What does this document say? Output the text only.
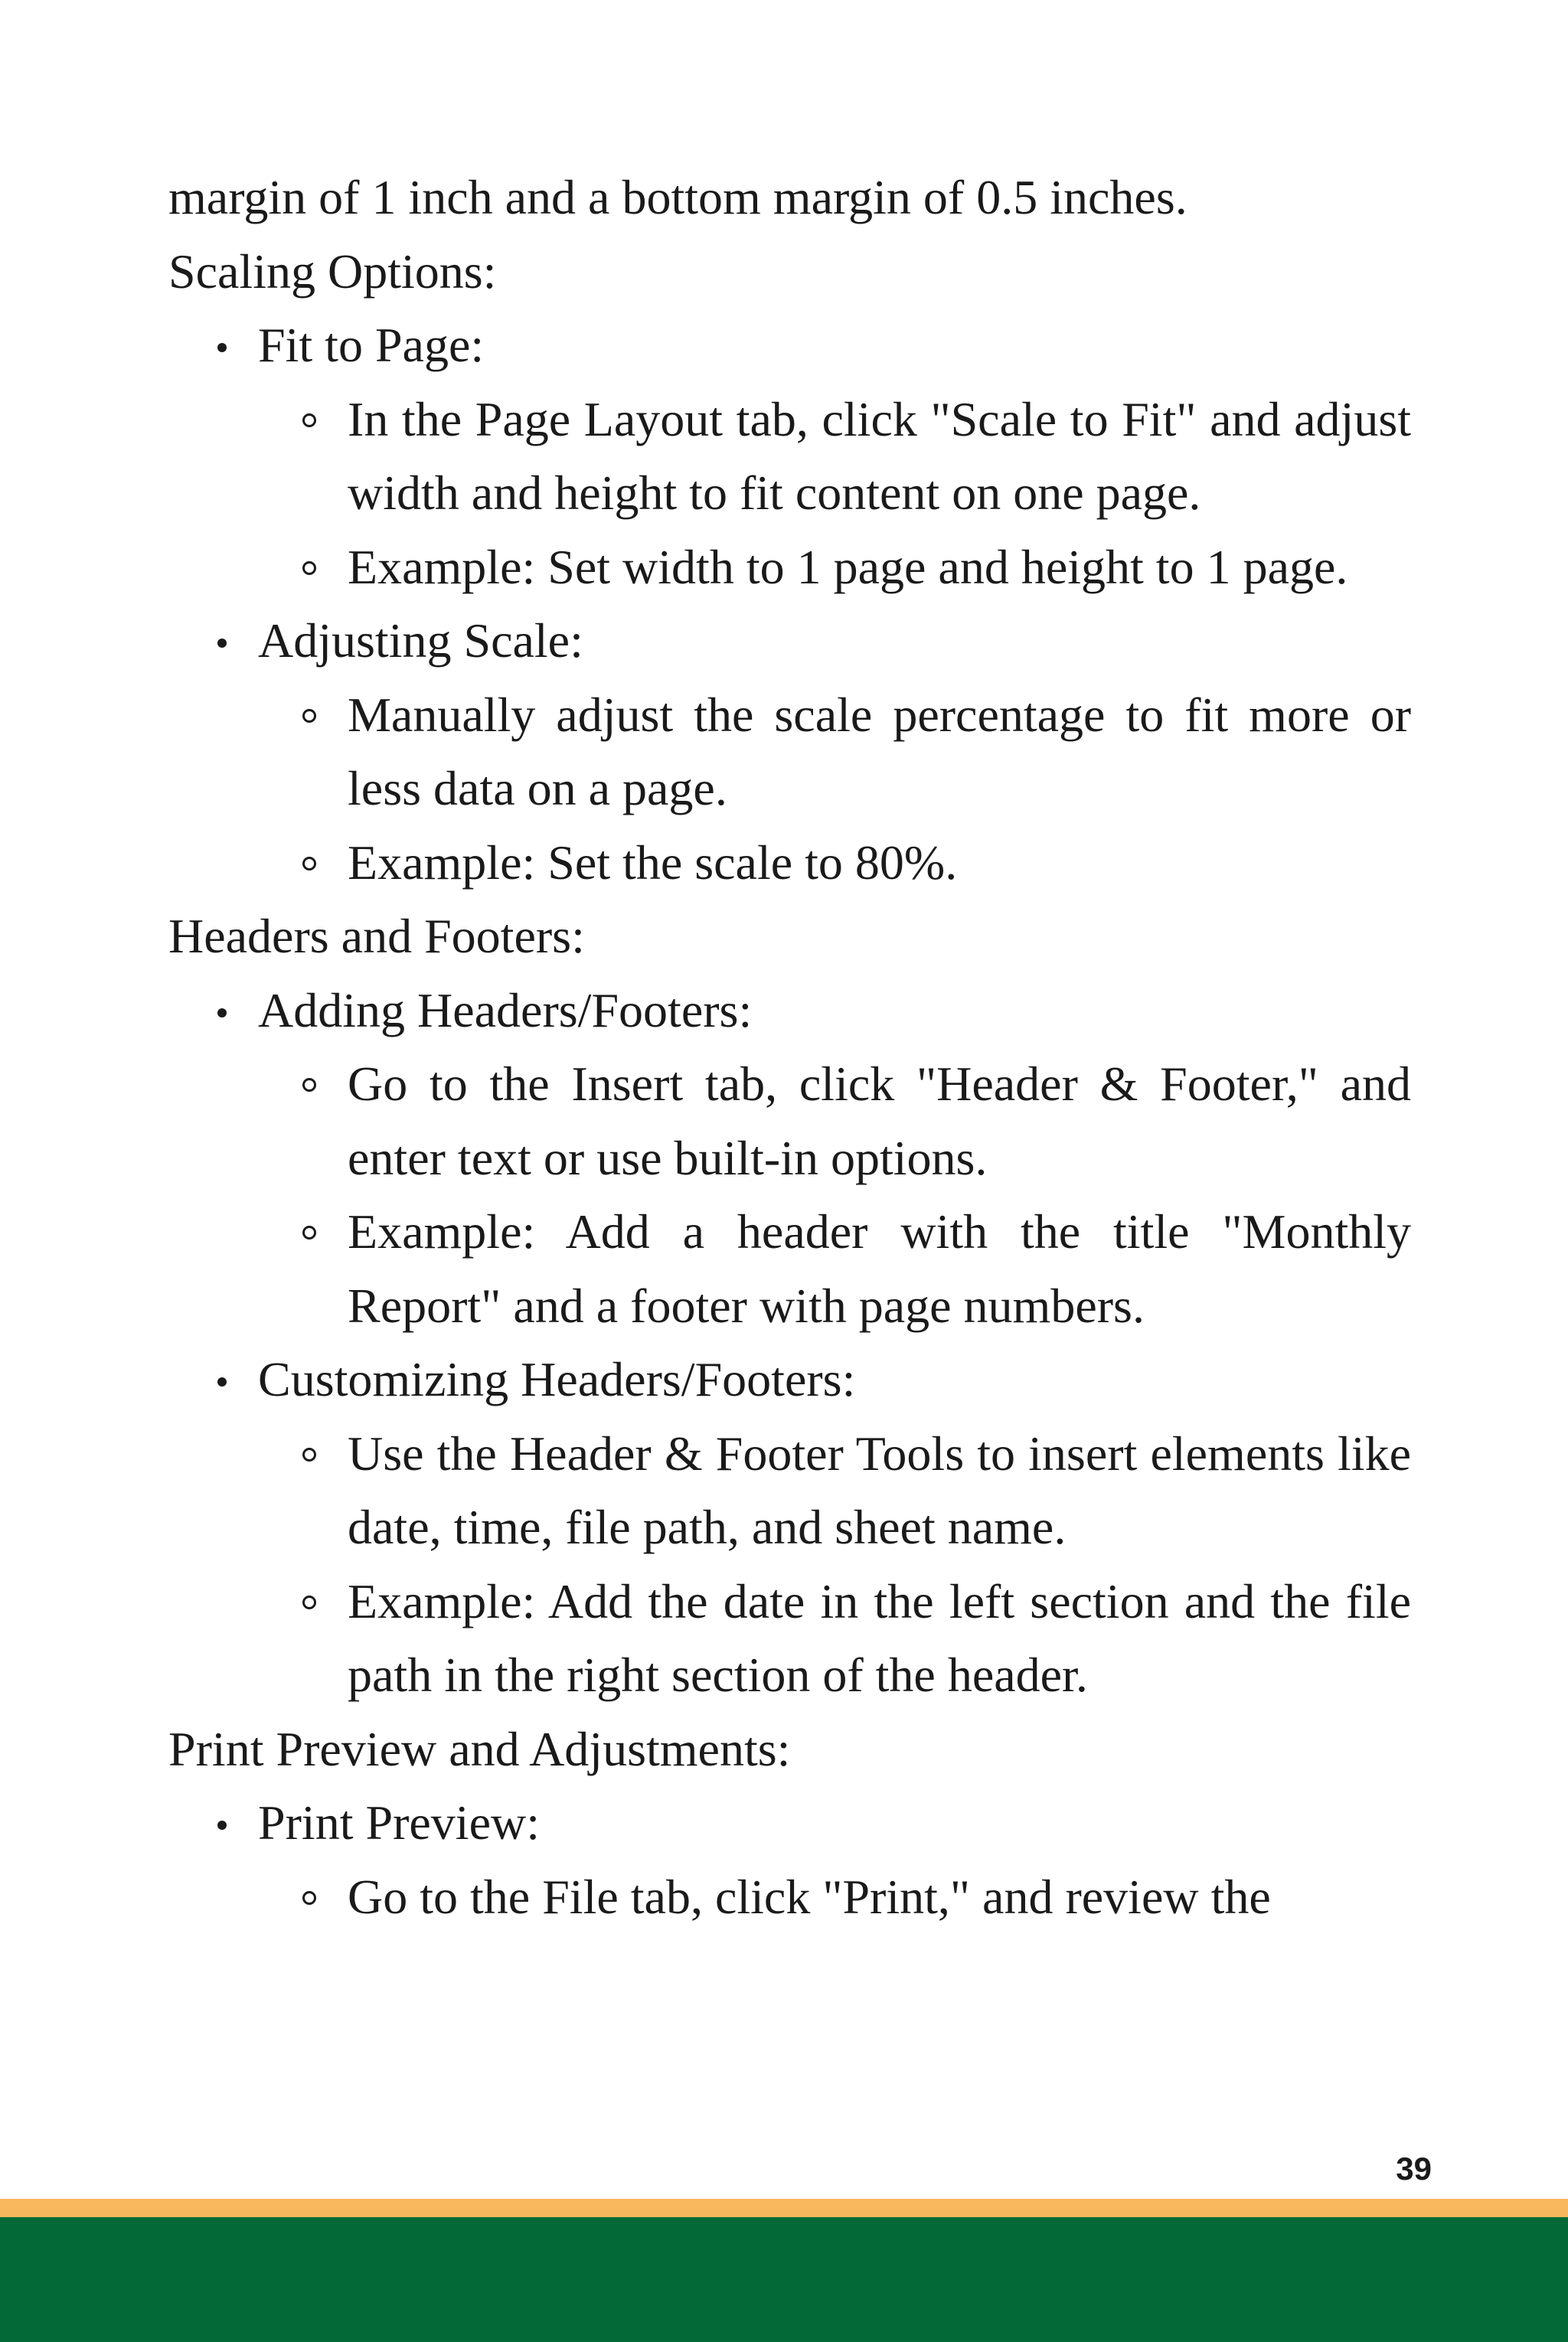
margin of 1 inch and a bottom margin of 0.5 inches.

Scaling Options:

Fit to Page:
In the Page Layout tab, click "Scale to Fit" and adjust width and height to fit content on one page.
Example: Set width to 1 page and height to 1 page.
Adjusting Scale:
Manually adjust the scale percentage to fit more or less data on a page.
Example: Set the scale to 80%.

Headers and Footers:

Adding Headers/Footers:
Go to the Insert tab, click "Header & Footer," and enter text or use built-in options.
Example: Add a header with the title "Monthly Report" and a footer with page numbers.
Customizing Headers/Footers:
Use the Header & Footer Tools to insert elements like date, time, file path, and sheet name.
Example: Add the date in the left section and the file path in the right section of the header.

Print Preview and Adjustments:

Print Preview:
Go to the File tab, click "Print," and review the
39
